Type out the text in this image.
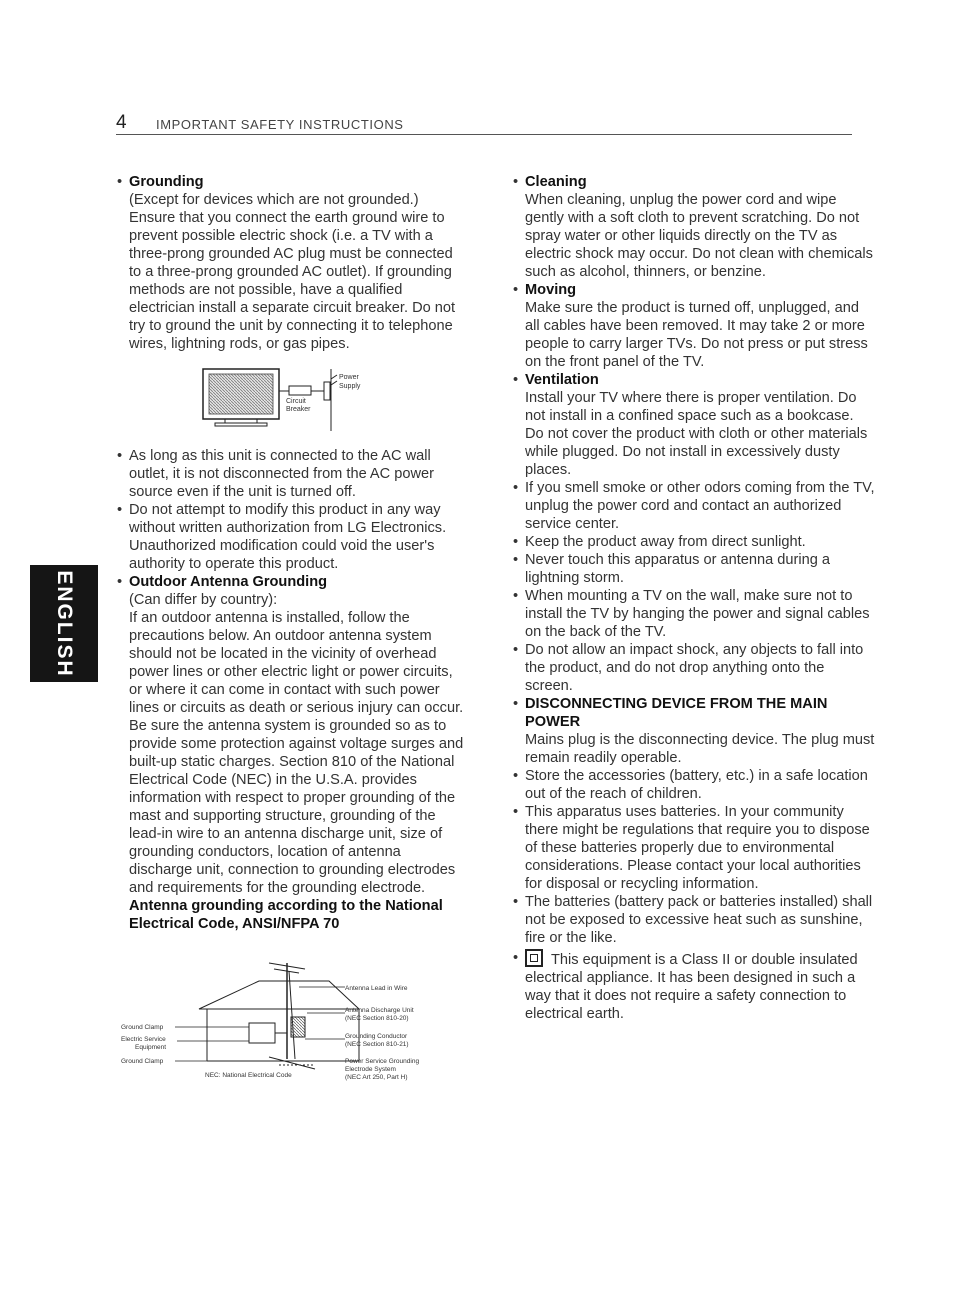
4 IMPORTANT SAFETY INSTRUCTIONS
ENGLISH
• Grounding
(Except for devices which are not grounded.) Ensure that you connect the earth ground wire to prevent possible electric shock (i.e. a TV with a three-prong grounded AC plug must be connected to a three-prong grounded AC outlet). If grounding methods are not possible, have a qualified electrician install a separate circuit breaker. Do not try to ground the unit by connecting it to telephone wires, lightning rods, or gas pipes.
Power
Supply
Circuit
Breaker
• As long as this unit is connected to the AC wall outlet, it is not disconnected from the AC power source even if the unit is turned off.
• Do not attempt to modify this product in any way without written authorization from LG Electronics. Unauthorized modification could void the user's authority to operate this product.
• Outdoor Antenna Grounding
(Can differ by country):
If an outdoor antenna is installed, follow the precautions below. An outdoor antenna system should not be located in the vicinity of overhead power lines or other electric light or power circuits, or where it can come in contact with such power lines or circuits as death or serious injury can occur. Be sure the antenna system is grounded so as to provide some protection against voltage surges and built-up static charges. Section 810 of the National Electrical Code (NEC) in the U.S.A. provides information with respect to proper grounding of the mast and supporting structure, grounding of the lead-in wire to an antenna discharge unit, size of grounding conductors, location of antenna discharge unit, connection to grounding electrodes and requirements for the grounding electrode.
Antenna grounding according to the National Electrical Code, ANSI/NFPA 70
Antenna Lead in Wire
Antenna Discharge Unit
(NEC Section 810-20)
Grounding Conductor
(NEC Section 810-21)
Power Service Grounding
Electrode System
(NEC Art 250, Part H)
Ground Clamp
Electric Service
Equipment
Ground Clamp
NEC: National Electrical Code
• Cleaning
When cleaning, unplug the power cord and wipe gently with a soft cloth to prevent scratching. Do not spray water or other liquids directly on the TV as electric shock may occur. Do not clean with chemicals such as alcohol, thinners, or benzine.
• Moving
Make sure the product is turned off, unplugged, and all cables have been removed. It may take 2 or more people to carry larger TVs. Do not press or put stress on the front panel of the TV.
• Ventilation
Install your TV where there is proper ventilation. Do not install in a confined space such as a bookcase. Do not cover the product with cloth or other materials while plugged. Do not install in excessively dusty places.
• If you smell smoke or other odors coming from the TV, unplug the power cord and contact an authorized service center.
• Keep the product away from direct sunlight.
• Never touch this apparatus or antenna during a lightning storm.
• When mounting a TV on the wall, make sure not to install the TV by hanging the power and signal cables on the back of the TV.
• Do not allow an impact shock, any objects to fall into the product, and do not drop anything onto the screen.
• DISCONNECTING DEVICE FROM THE MAIN POWER
Mains plug is the disconnecting device. The plug must remain readily operable.
• Store the accessories (battery, etc.) in a safe location out of the reach of children.
• This apparatus uses batteries. In your community there might be regulations that require you to dispose of these batteries properly due to environmental considerations. Please contact your local authorities for disposal or recycling information.
• The batteries (battery pack or batteries installed) shall not be exposed to excessive heat such as sunshine, fire or the like.
• This equipment is a Class II or double insulated electrical appliance. It has been designed in such a way that it does not require a safety connection to electrical earth.
